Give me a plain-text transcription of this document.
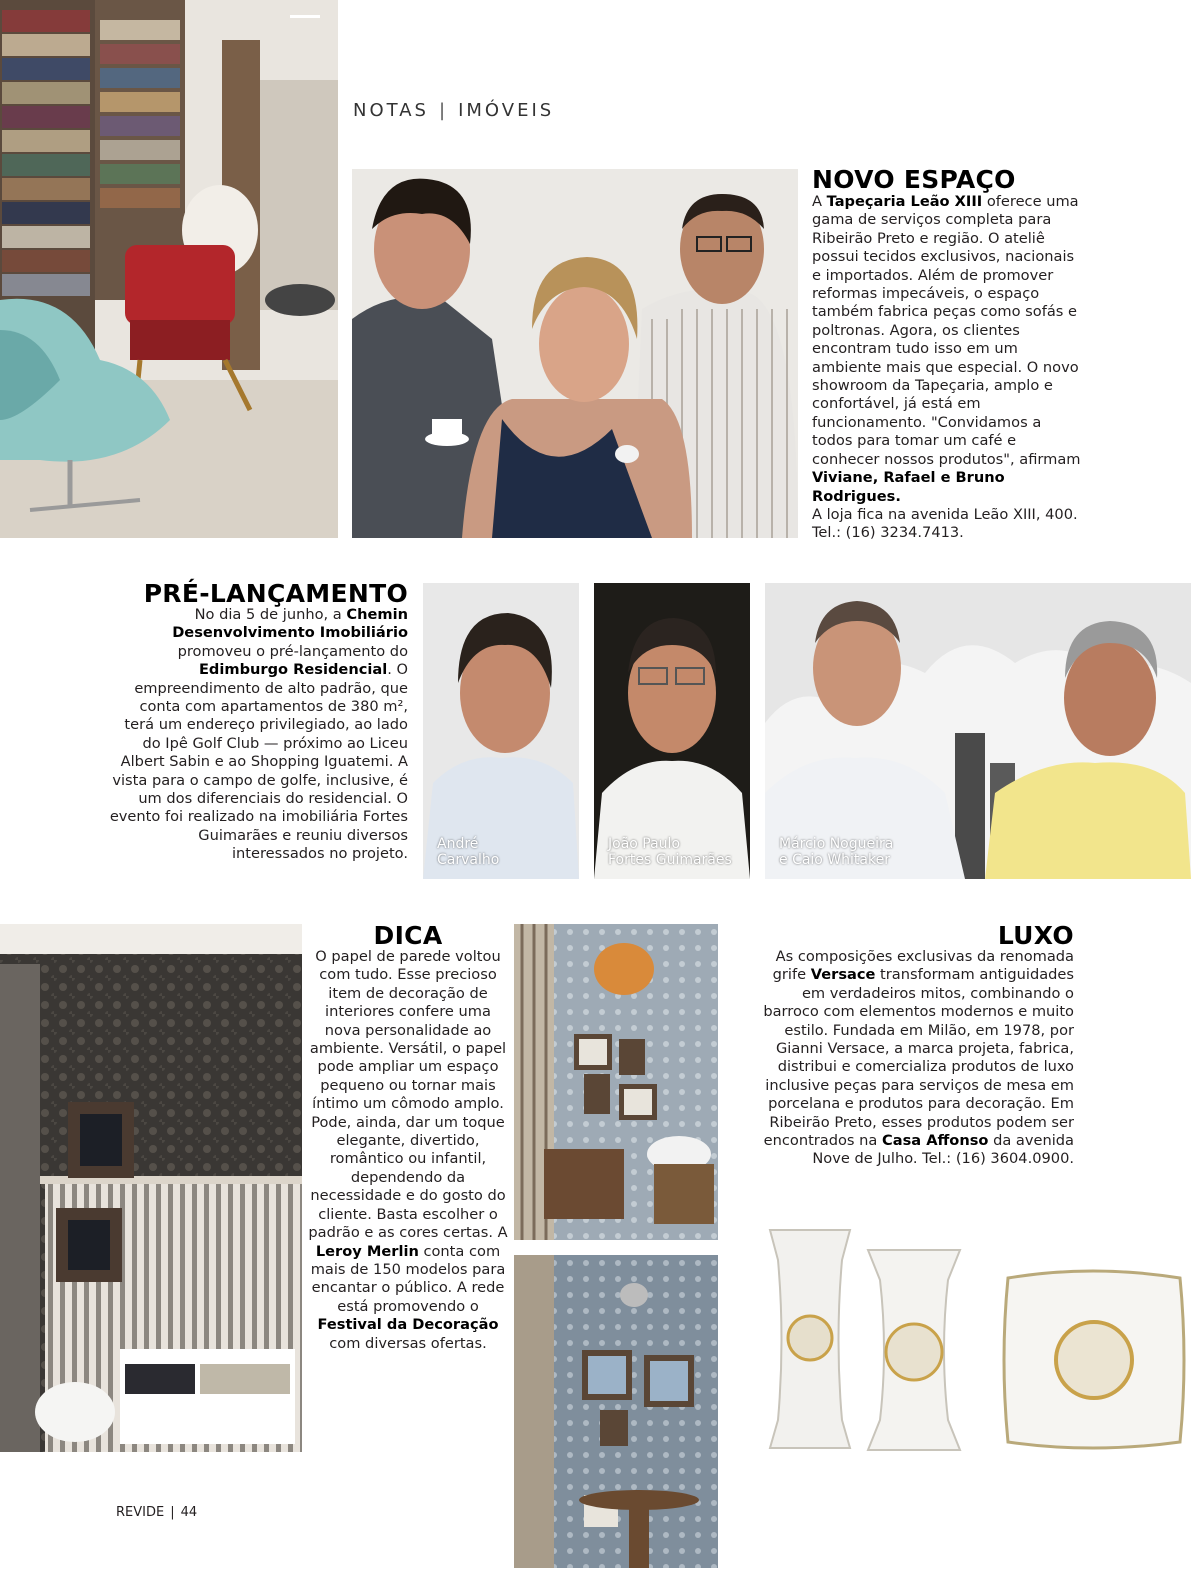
NOTAS | IMÓVEIS
NOVO ESPAÇO
A Tapeçaria Leão XIII oferece uma gama de serviços completa para Ribeirão Preto e região. O ateliê possui tecidos exclusivos, nacionais e importados. Além de promover reformas impecáveis, o espaço também fabrica peças como sofás e poltronas. Agora, os clientes encontram tudo isso em um ambiente mais que especial. O novo showroom da Tapeçaria, amplo e confortável, já está em funcionamento. "Convidamos a todos para tomar um café e conhecer nossos produtos", afirmam Viviane, Rafael e Bruno Rodrigues.
A loja fica na avenida Leão XIII, 400. Tel.: (16) 3234.7413.
PRÉ-LANÇAMENTO
No dia 5 de junho, a Chemin Desenvolvimento Imobiliário promoveu o pré-lançamento do Edimburgo Residencial. O empreendimento de alto padrão, que conta com apartamentos de 380 m², terá um endereço privilegiado, ao lado do Ipê Golf Club — próximo ao Liceu Albert Sabin e ao Shopping Iguatemi. A vista para o campo de golfe, inclusive, é um dos diferenciais do residencial. O evento foi realizado na imobiliária Fortes Guimarães e reuniu diversos interessados no projeto.
André
Carvalho
João Paulo
Fortes Guimarães
Márcio Nogueira
e Caio Whitaker
DICA
O papel de parede voltou com tudo. Esse precioso item de decoração de interiores confere uma nova personalidade ao ambiente. Versátil, o papel pode ampliar um espaço pequeno ou tornar mais íntimo um cômodo amplo. Pode, ainda, dar um toque elegante, divertido, romântico ou infantil, dependendo da necessidade e do gosto do cliente. Basta escolher o padrão e as cores certas. A Leroy Merlin conta com mais de 150 modelos para encantar o público. A rede está promovendo o Festival da Decoração com diversas ofertas.
LUXO
As composições exclusivas da renomada grife Versace transformam antiguidades em verdadeiros mitos, combinando o barroco com elementos modernos e muito estilo. Fundada em Milão, em 1978, por Gianni Versace, a marca projeta, fabrica, distribui e comercializa produtos de luxo inclusive peças para serviços de mesa em porcelana e produtos para decoração. Em Ribeirão Preto, esses produtos podem ser encontrados na Casa Affonso da avenida Nove de Julho. Tel.: (16) 3604.0900.
REVIDE | 44
